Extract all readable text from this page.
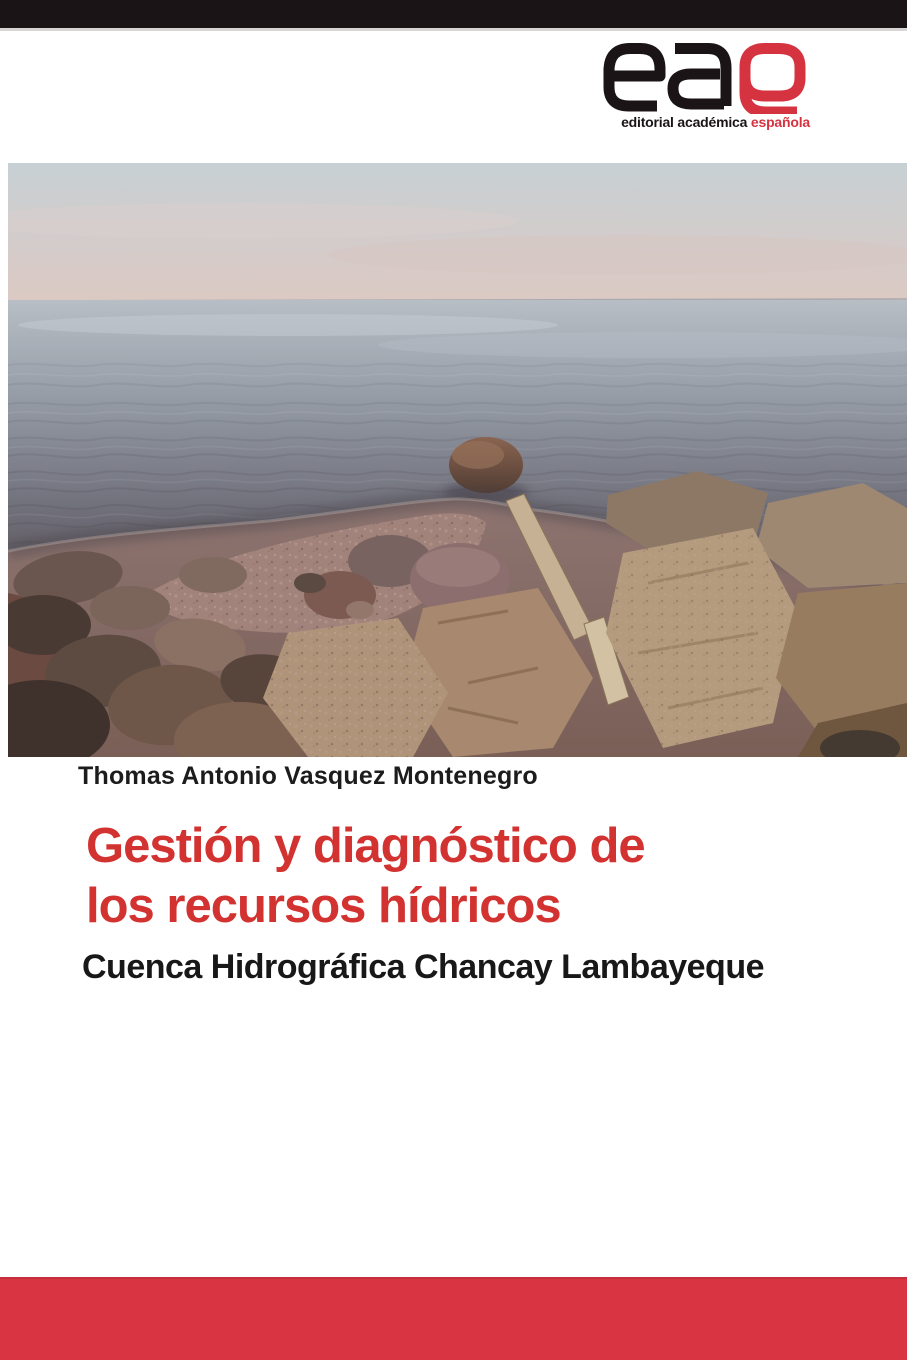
editorial académica española
Thomas Antonio Vasquez Montenegro
Gestión y diagnóstico de
los recursos hídricos
Cuenca Hidrográfica Chancay Lambayeque
